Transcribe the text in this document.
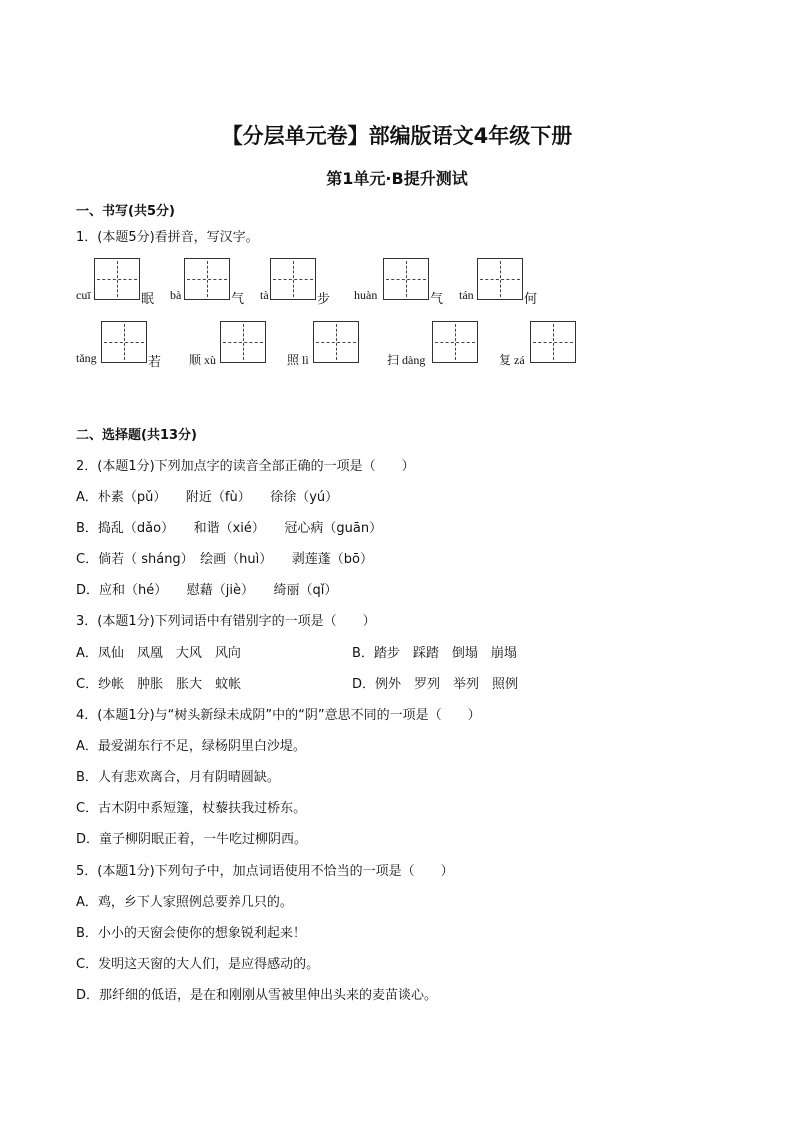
【分层单元卷】部编版语文4年级下册
第1单元·B提升测试
一、书写(共5分)
1．(本题5分)看拼音，写汉字。
cuī	眠 bà	气 tà	步 huàn	气 tán	何
tǎng	若 顺 xù	照 lì	扫 dàng	复 zá
二、选择题(共13分)
2．(本题1分)下列加点字的读音全部正确的一项是（　　）
A．朴素（pǔ）　　附近（fù）　　徐徐（yú）
B．捣乱（dǎo）　　和谐（xié）　　冠心病（guān）
C．倘若（ sháng）　绘画（huì）　　剥莲蓬（bō）
D．应和（hé）　　慰藉（jiè）　　绮丽（qǐ）
3．(本题1分)下列词语中有错别字的一项是（　　）
A．凤仙　凤凰　大风　风向	B．踏步　踩踏　倒塌　崩塌
C．纱帐　肿胀　胀大　蚊帐	D．例外　罗列　举列　照例
4．(本题1分)与“树头新绿未成阴”中的“阴”意思不同的一项是（　　）
A．最爱湖东行不足，绿杨阴里白沙堤。
B．人有悲欢离合，月有阴晴圆缺。
C．古木阴中系短篷，杖藜扶我过桥东。
D．童子柳阴眠正着，一牛吃过柳阴西。
5．(本题1分)下列句子中，加点词语使用不恰当的一项是（　　）
A．鸡，乡下人家照例总要养几只的。
B．小小的天窗会使你的想象锐利起来！
C．发明这天窗的大人们，是应得感动的。
D．那纤细的低语，是在和刚刚从雪被里伸出头来的麦苗谈心。
